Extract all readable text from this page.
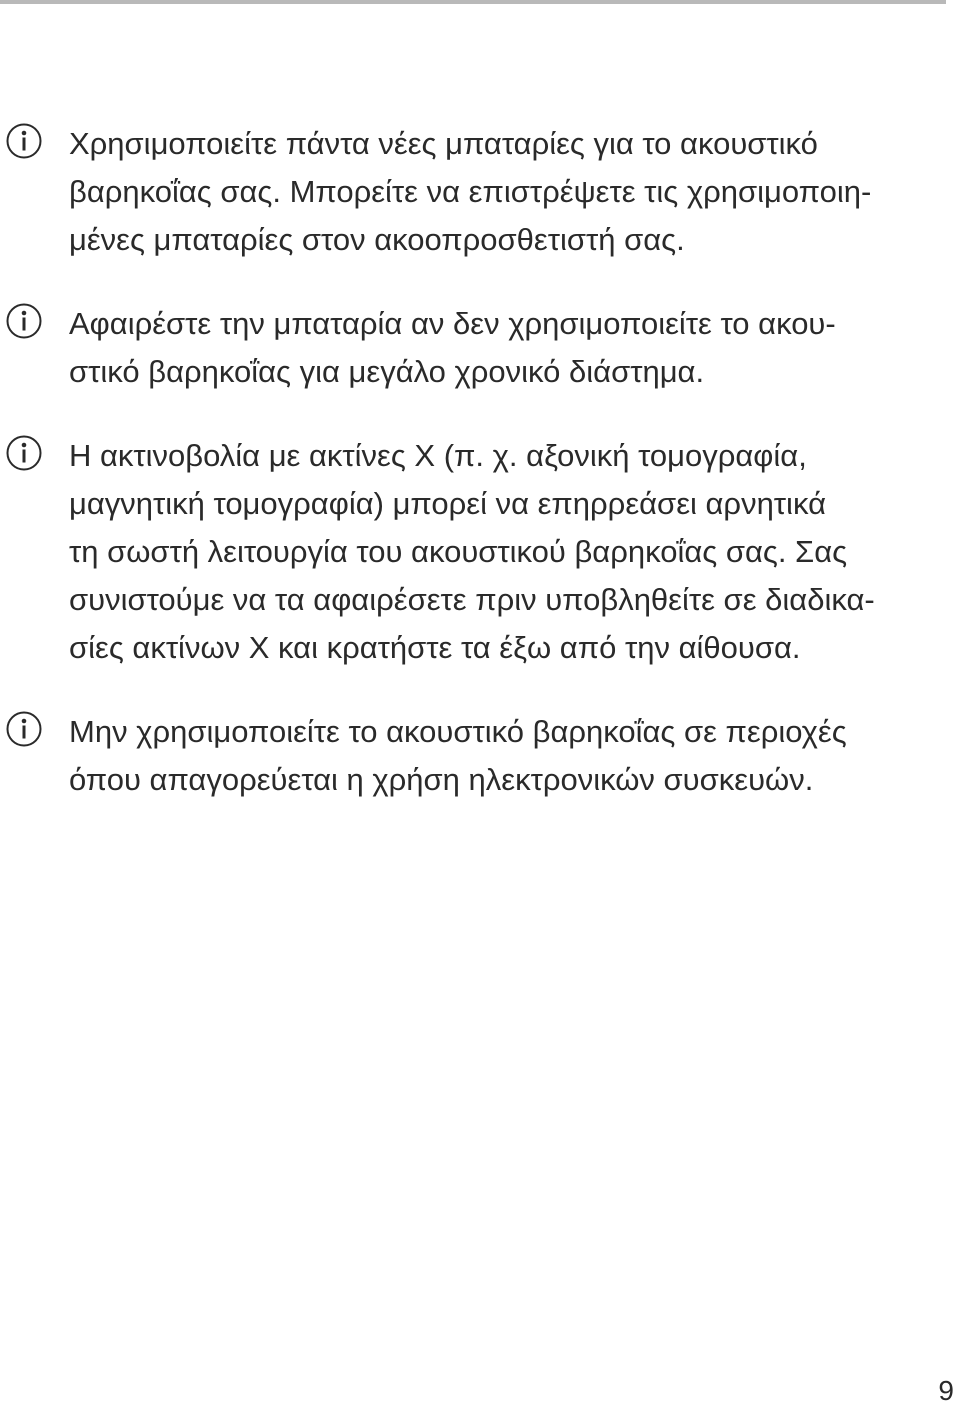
Χρησιμοποιείτε πάντα νέες μπαταρίες για το ακουστικό
βαρηκοΐας σας. Μπορείτε να επιστρέψετε τις χρησιμοποιη-
μένες μπαταρίες στον ακοοπροσθετιστή σας.
Αφαιρέστε την μπαταρία αν δεν χρησιμοποιείτε το ακου-
στικό βαρηκοΐας για μεγάλο χρονικό διάστημα.
Η ακτινοβολία με ακτίνες Χ (π. χ. αξονική τομογραφία,
μαγνητική τομογραφία) μπορεί να επηρρεάσει αρνητικά
τη σωστή λειτουργία του ακουστικού βαρηκοΐας σας. Σας
συνιστούμε να τα αφαιρέσετε πριν υποβληθείτε σε διαδικα-
σίες ακτίνων Χ και κρατήστε τα έξω από την αίθουσα.
Μην χρησιμοποιείτε το ακουστικό βαρηκοΐας σε περιοχές
όπου απαγορεύεται η χρήση ηλεκτρονικών συσκευών.
9
